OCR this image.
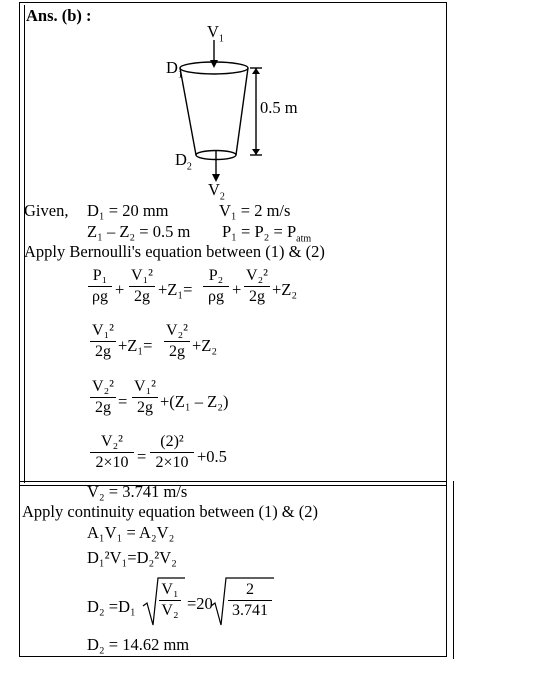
Ans. (b) :
$V_1$
$D_1$
$D_2$
$V_2$
0.5 m
Given, D₁ = 20 mm	V₁ = 2 m/s
Z₁ – Z₂ = 0.5 m $P_1 = P_2 = P_{atm}$
Apply Bernoulli's equation between (1) & (2)
P₁
ρg +
V₁²
2g +Z₁=
P₂
ρg +
V₂²
2g +Z₂
V₁²
2g +Z₁=
V₂²
2g +Z₂
V₂²
2g =
V₁²
2g +(Z₁ – Z₂)
V₂²
2×10 =
(2)²
2×10 +0.5
V₂ = 3.741 m/s
Apply continuity equation between (1) & (2)
A₁V₁ = A₂V₂
D₁²V₁=D₂²V₂
D₂ =D₁
V₁
V₂ =20
2
3.741
D₂ = 14.62 mm
